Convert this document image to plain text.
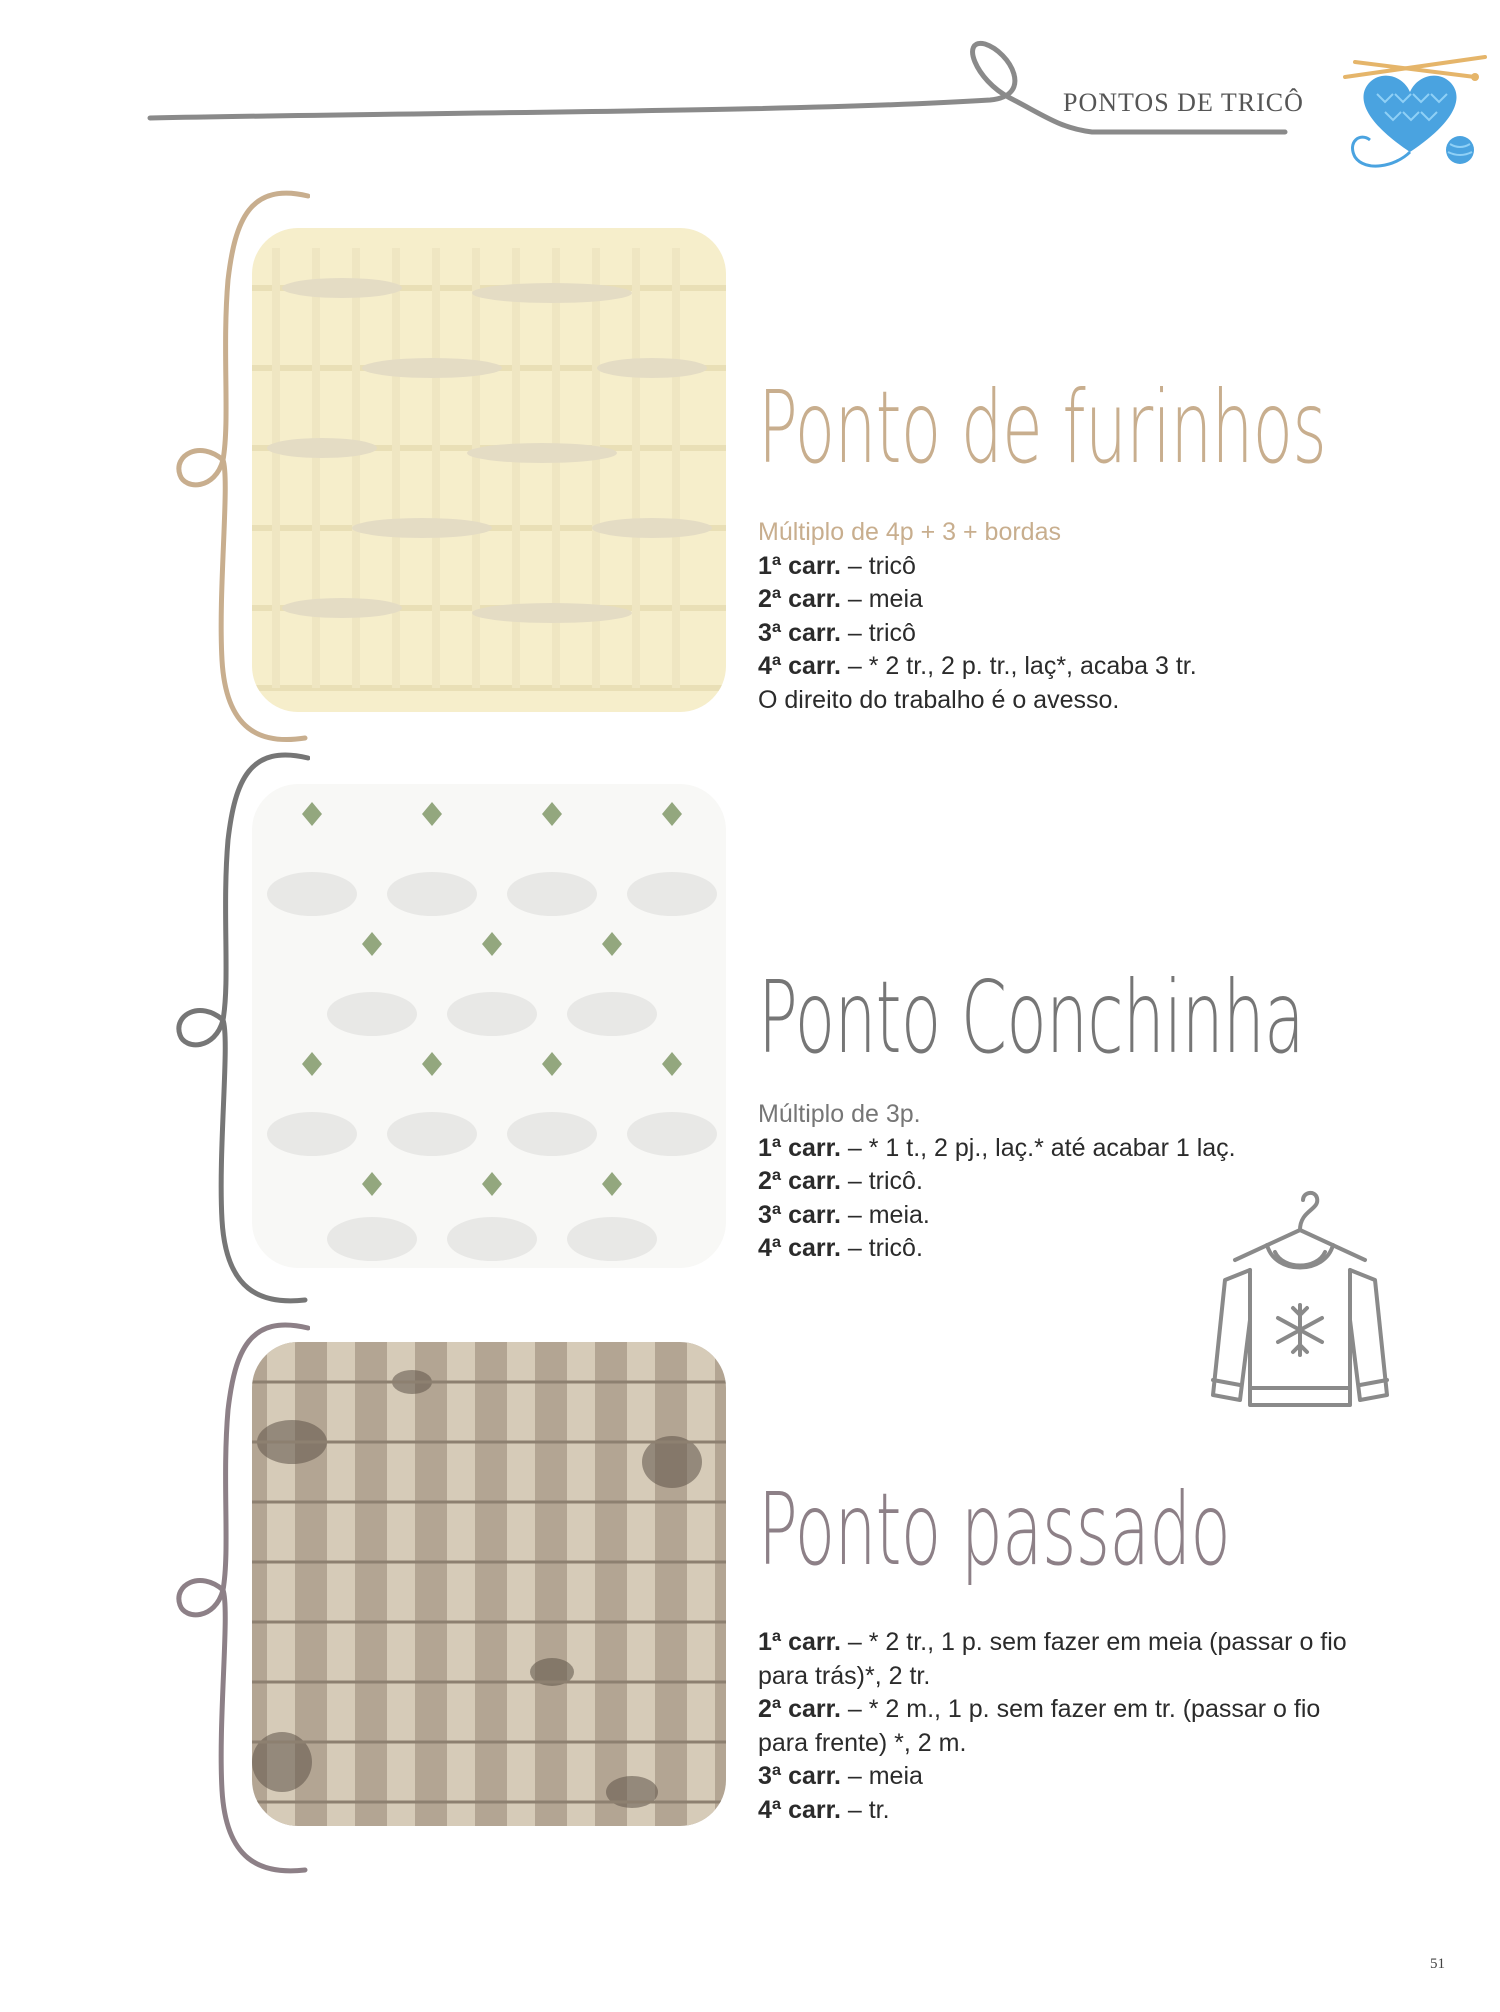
PONTOS DE TRICÔ
Ponto de furinhos

Múltiplo de 4p + 3 + bordas

1ª carr. – tricô

2ª carr. – meia

3ª carr. – tricô

4ª carr. – * 2 tr., 2 p. tr., laç*, acaba 3 tr.

O direito do trabalho é o avesso.

Ponto Conchinha

Múltiplo de 3p.

1ª carr. – * 1 t., 2 pj., laç.* até acabar 1 laç.

2ª carr. – tricô.

3ª carr. – meia.

4ª carr. – tricô.

Ponto passado

1ª carr. – * 2 tr., 1 p. sem fazer em meia (passar o fio para trás)*, 2 tr.

2ª carr. – * 2 m., 1 p. sem fazer em tr. (passar o fio para frente) *, 2 m.

3ª carr. – meia

4ª carr. – tr.

51
